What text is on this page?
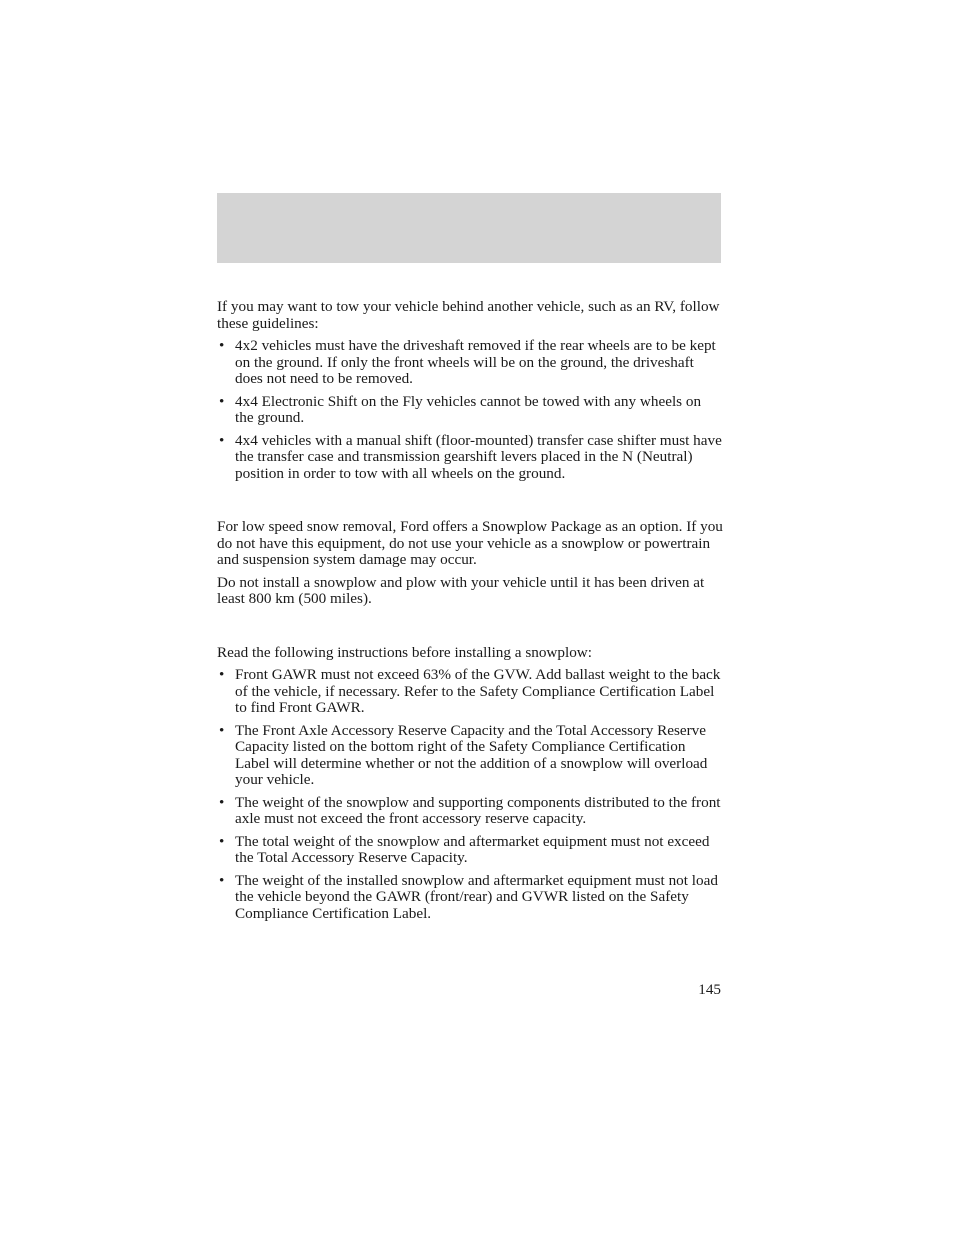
If you may want to tow your vehicle behind another vehicle, such as an RV, follow these guidelines:

• 4x2 vehicles must have the driveshaft removed if the rear wheels are to be kept on the ground. If only the front wheels will be on the ground, the driveshaft does not need to be removed.
• 4x4 Electronic Shift on the Fly vehicles cannot be towed with any wheels on the ground.
• 4x4 vehicles with a manual shift (floor-mounted) transfer case shifter must have the transfer case and transmission gearshift levers placed in the N (Neutral) position in order to tow with all wheels on the ground.

For low speed snow removal, Ford offers a Snowplow Package as an option. If you do not have this equipment, do not use your vehicle as a snowplow or powertrain and suspension system damage may occur.

Do not install a snowplow and plow with your vehicle until it has been driven at least 800 km (500 miles).

Read the following instructions before installing a snowplow:

• Front GAWR must not exceed 63% of the GVW. Add ballast weight to the back of the vehicle, if necessary. Refer to the Safety Compliance Certification Label to find Front GAWR.
• The Front Axle Accessory Reserve Capacity and the Total Accessory Reserve Capacity listed on the bottom right of the Safety Compliance Certification Label will determine whether or not the addition of a snowplow will overload your vehicle.
• The weight of the snowplow and supporting components distributed to the front axle must not exceed the front accessory reserve capacity.
• The total weight of the snowplow and aftermarket equipment must not exceed the Total Accessory Reserve Capacity.
• The weight of the installed snowplow and aftermarket equipment must not load the vehicle beyond the GAWR (front/rear) and GVWR listed on the Safety Compliance Certification Label.
145
